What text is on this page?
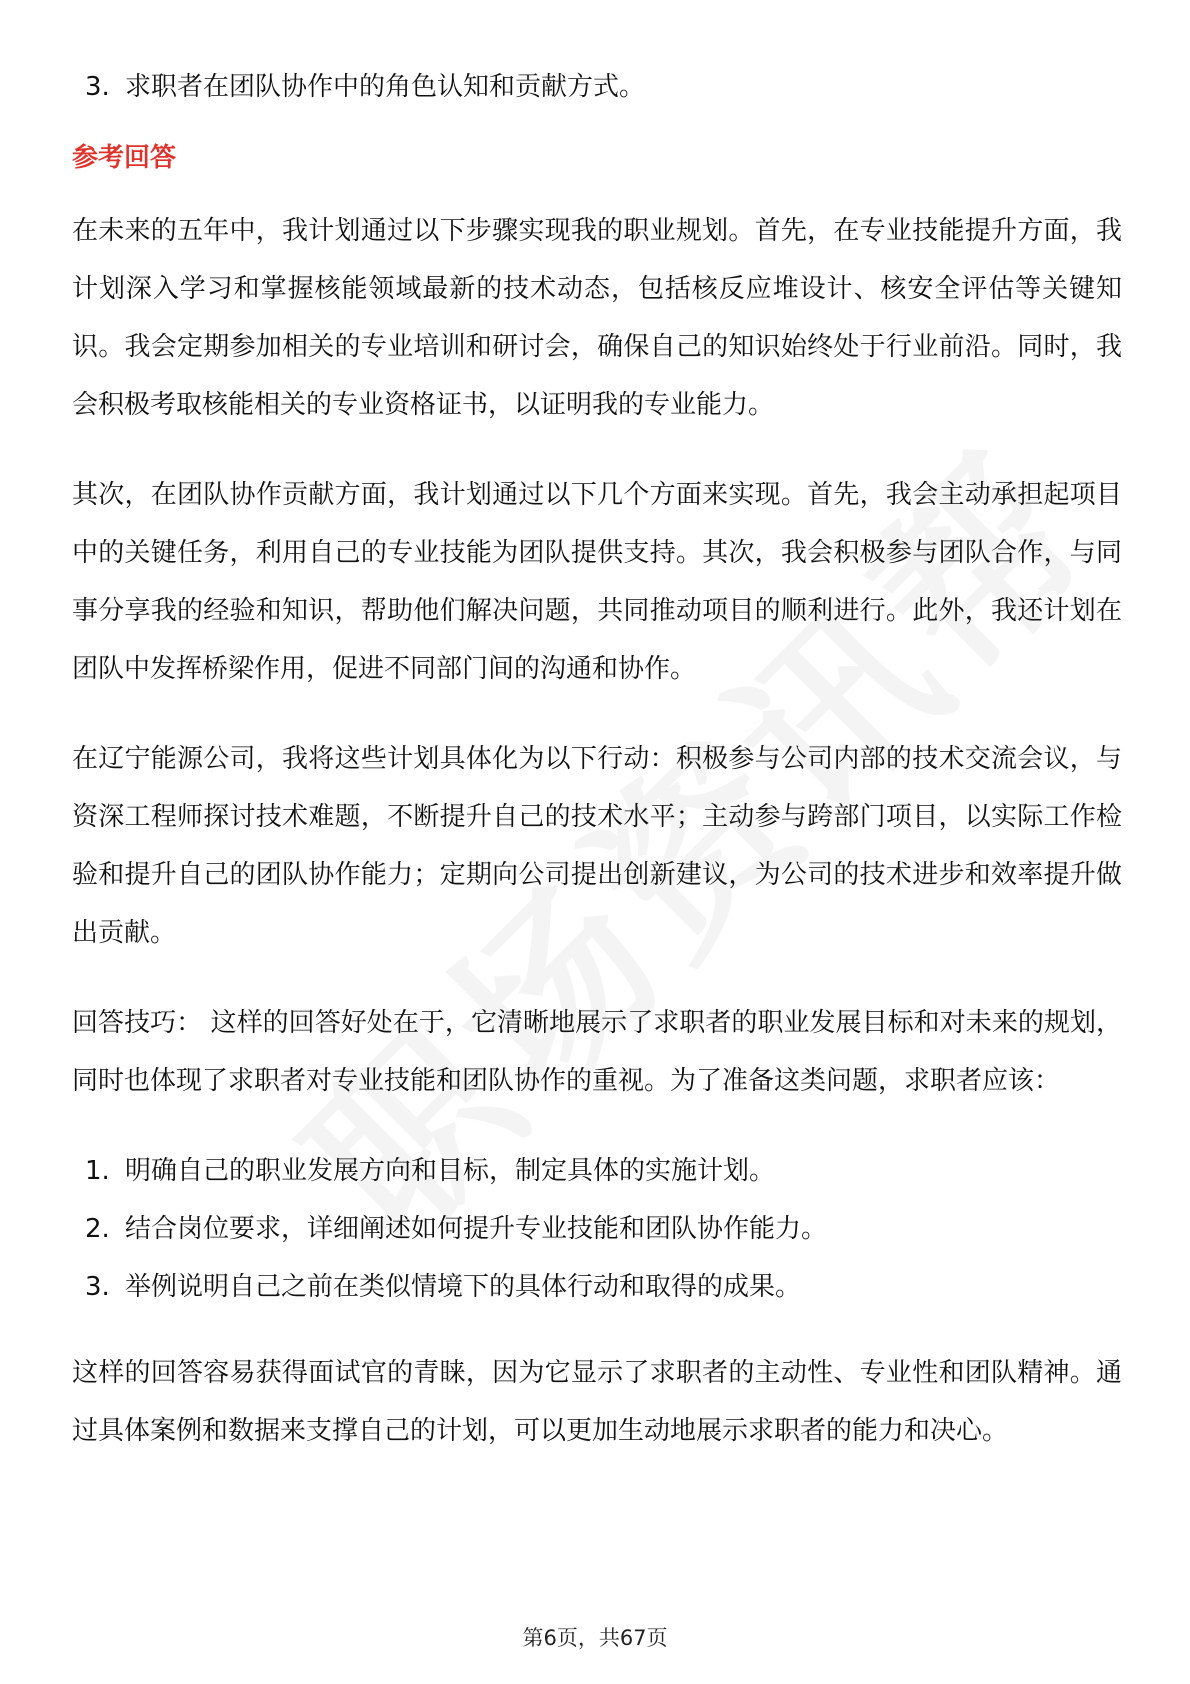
3. 求职者在团队协作中的角色认知和贡献方式。
参考回答

在未来的五年中，我计划通过以下步骤实现我的职业规划。首先，在专业技能提升方面，我计划深入学习和掌握核能领域最新的技术动态，包括核反应堆设计、核安全评估等关键知识。我会定期参加相关的专业培训和研讨会，确保自己的知识始终处于行业前沿。同时，我会积极考取核能相关的专业资格证书，以证明我的专业能力。

其次，在团队协作贡献方面，我计划通过以下几个方面来实现。首先，我会主动承担起项目中的关键任务，利用自己的专业技能为团队提供支持。其次，我会积极参与团队合作，与同事分享我的经验和知识，帮助他们解决问题，共同推动项目的顺利进行。此外，我还计划在团队中发挥桥梁作用，促进不同部门间的沟通和协作。

在辽宁能源公司，我将这些计划具体化为以下行动：积极参与公司内部的技术交流会议，与资深工程师探讨技术难题，不断提升自己的技术水平；主动参与跨部门项目，以实际工作检验和提升自己的团队协作能力；定期向公司提出创新建议，为公司的技术进步和效率提升做出贡献。

回答技巧： 这样的回答好处在于，它清晰地展示了求职者的职业发展目标和对未来的规划，同时也体现了求职者对专业技能和团队协作的重视。为了准备这类问题，求职者应该：

1. 明确自己的职业发展方向和目标，制定具体的实施计划。
2. 结合岗位要求，详细阐述如何提升专业技能和团队协作能力。
3. 举例说明自己之前在类似情境下的具体行动和取得的成果。

这样的回答容易获得面试官的青睐，因为它显示了求职者的主动性、专业性和团队精神。通过具体案例和数据来支撑自己的计划，可以更加生动地展示求职者的能力和决心。

第6页，共67页
